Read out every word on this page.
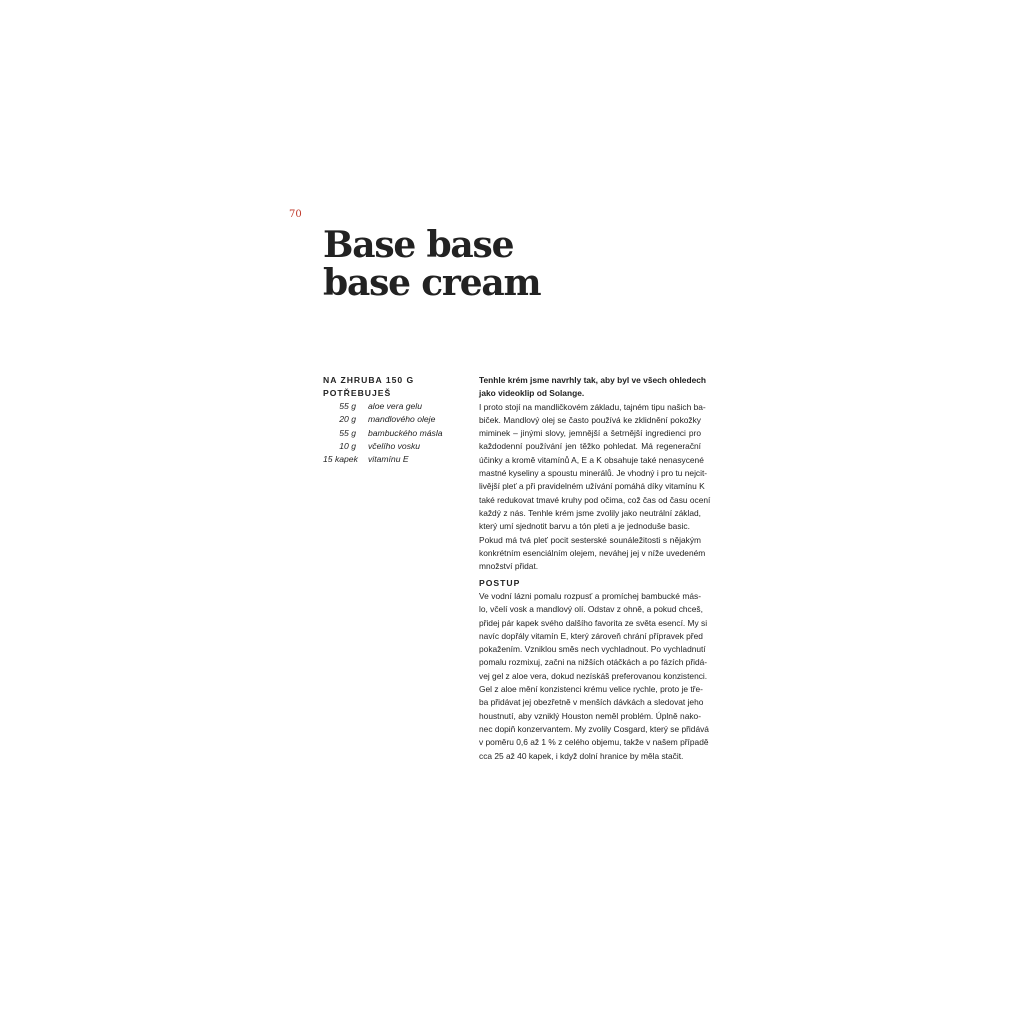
70
Base base
base cream
NA ZHRUBA 150 G
POTŘEBUJEŠ
55 g aloe vera gelu
20 g mandlového oleje
55 g bambuckého másla
10 g včelího vosku
15 kapek vitamínu E

Tenhle krém jsme navrhly tak, aby byl ve všech ohledech
jako videoklip od Solange.

I proto stojí na mandličkovém základu, tajném tipu našich ba-
biček. Mandlový olej se často používá ke zklidnění pokožky
miminek – jinými slovy, jemnější a šetrnější ingredienci pro
každodenní používání jen těžko pohledat. Má regenerační
účinky a kromě vitamínů A, E a K obsahuje také nenasycené
mastné kyseliny a spoustu minerálů. Je vhodný i pro tu nejcit-
livější pleť a při pravidelném užívání pomáhá díky vitamínu K
také redukovat tmavé kruhy pod očima, což čas od času ocení
každý z nás. Tenhle krém jsme zvolily jako neutrální základ,
který umí sjednotit barvu a tón pleti a je jednoduše basic.
Pokud má tvá pleť pocit sesterské sounáležitosti s nějakým
konkrétním esenciálním olejem, neváhej jej v níže uvedeném
množství přidat.

POSTUP

Ve vodní lázni pomalu rozpusť a promíchej bambucké más-
lo, včelí vosk a mandlový olí. Odstav z ohně, a pokud chceš,
přidej pár kapek svého dalšího favorita ze světa esencí. My si
navíc dopřály vitamín E, který zároveň chrání přípravek před
pokažením. Vzniklou směs nech vychladnout. Po vychladnutí
pomalu rozmixuj, začni na nižších otáčkách a po fázích přidá-
vej gel z aloe vera, dokud nezískáš preferovanou konzistenci.
Gel z aloe mění konzistenci krému velice rychle, proto je tře-
ba přidávat jej obezřetně v menších dávkách a sledovat jeho
houstnutí, aby vzniklý Houston neměl problém. Úplně nako-
nec dopiň konzervantem. My zvolily Cosgard, který se přidává
v poměru 0,6 až 1 % z celého objemu, takže v našem případě
cca 25 až 40 kapek, i když dolní hranice by měla stačit.
